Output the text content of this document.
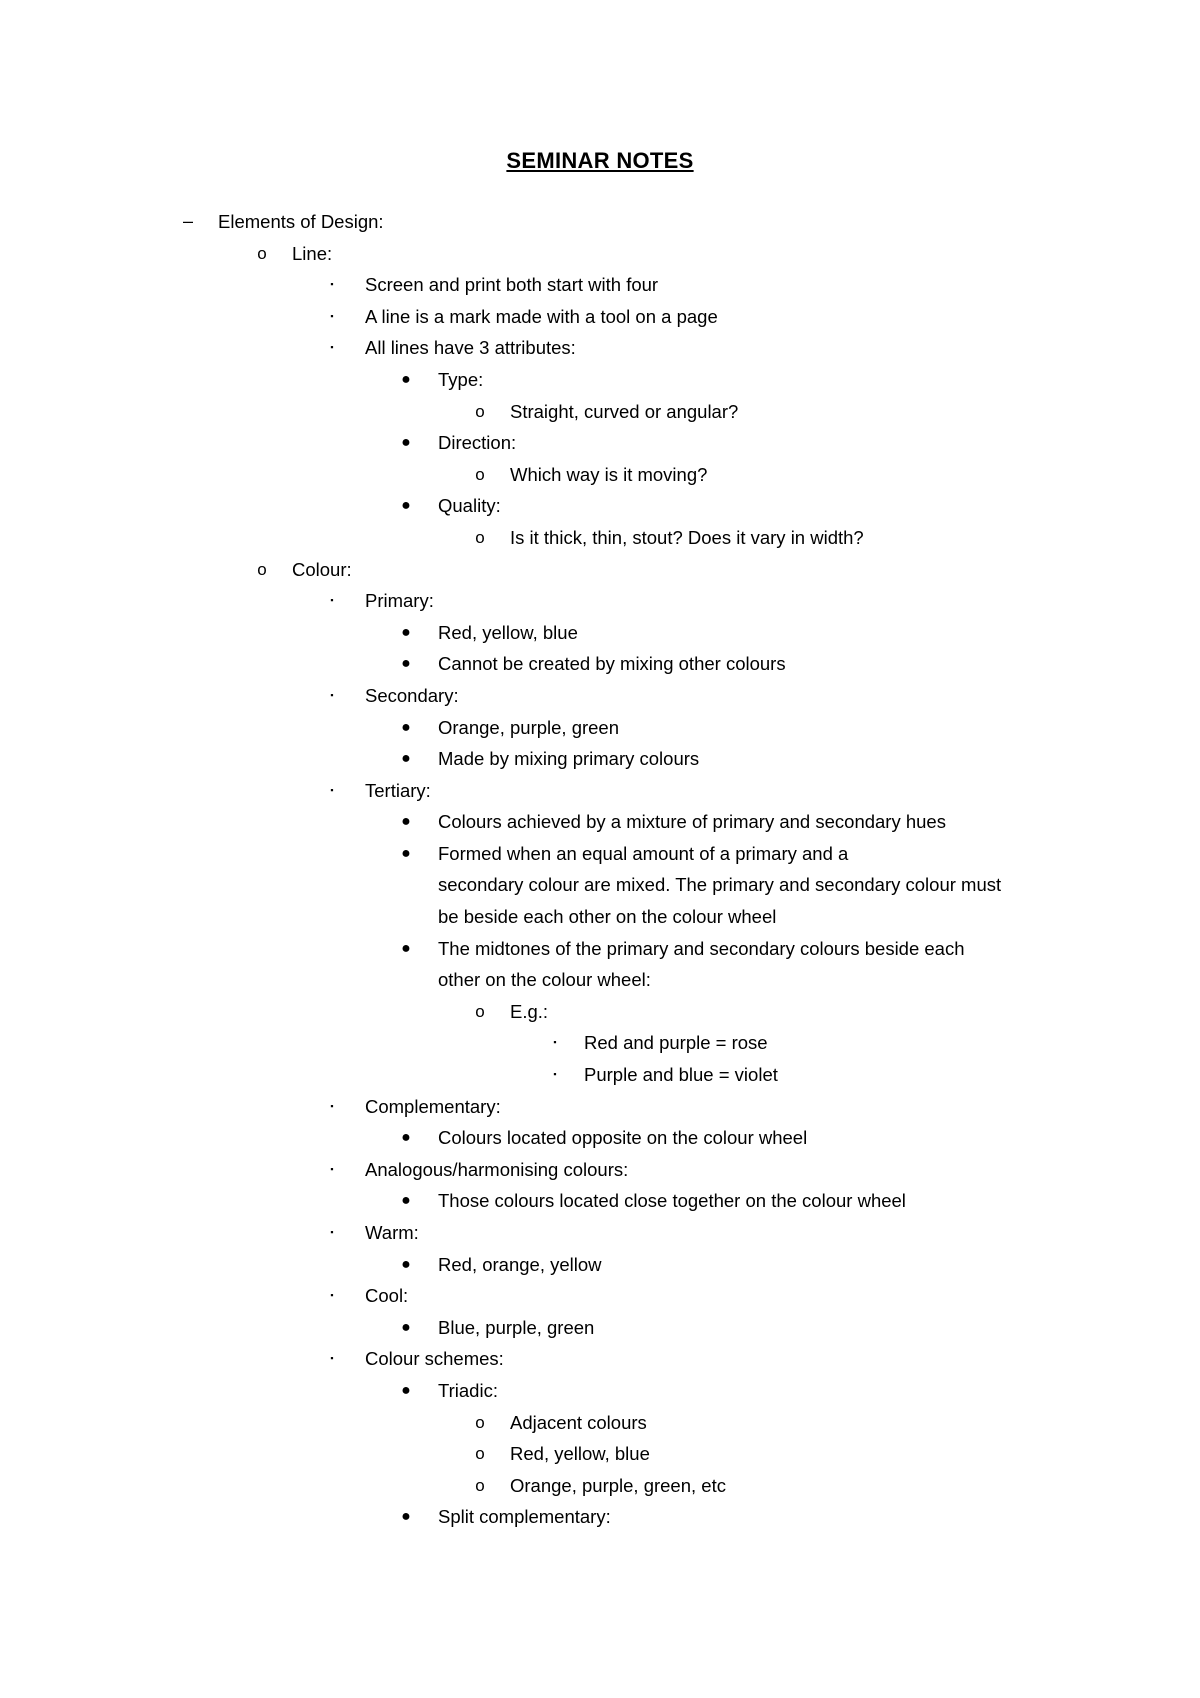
SEMINAR NOTES
– Elements of Design:
o Line:
▪	Screen and print both start with four
▪	A line is a mark made with a tool on a page
▪	All lines have 3 attributes:
● Type:
o Straight, curved or angular?
● Direction:
o Which way is it moving?
● Quality:
o Is it thick, thin, stout? Does it vary in width?
o Colour:
▪	Primary:
● Red, yellow, blue
● Cannot be created by mixing other colours
▪	Secondary:
● Orange, purple, green
● Made by mixing primary colours
▪	Tertiary:
● Colours achieved by a mixture of primary and secondary hues
● Formed when an equal amount of a primary and a
secondary colour are mixed. The primary and secondary colour must
be beside each other on the colour wheel
● The midtones of the primary and secondary colours beside each
other on the colour wheel:
o E.g.:
▪	Red and purple = rose
▪	Purple and blue = violet
▪	Complementary:
● Colours located opposite on the colour wheel
▪	Analogous/harmonising colours:
● Those colours located close together on the colour wheel
▪	Warm:
● Red, orange, yellow
▪	Cool:
● Blue, purple, green
▪	Colour schemes:
● Triadic:
o Adjacent colours
o Red, yellow, blue
o Orange, purple, green, etc
● Split complementary:
